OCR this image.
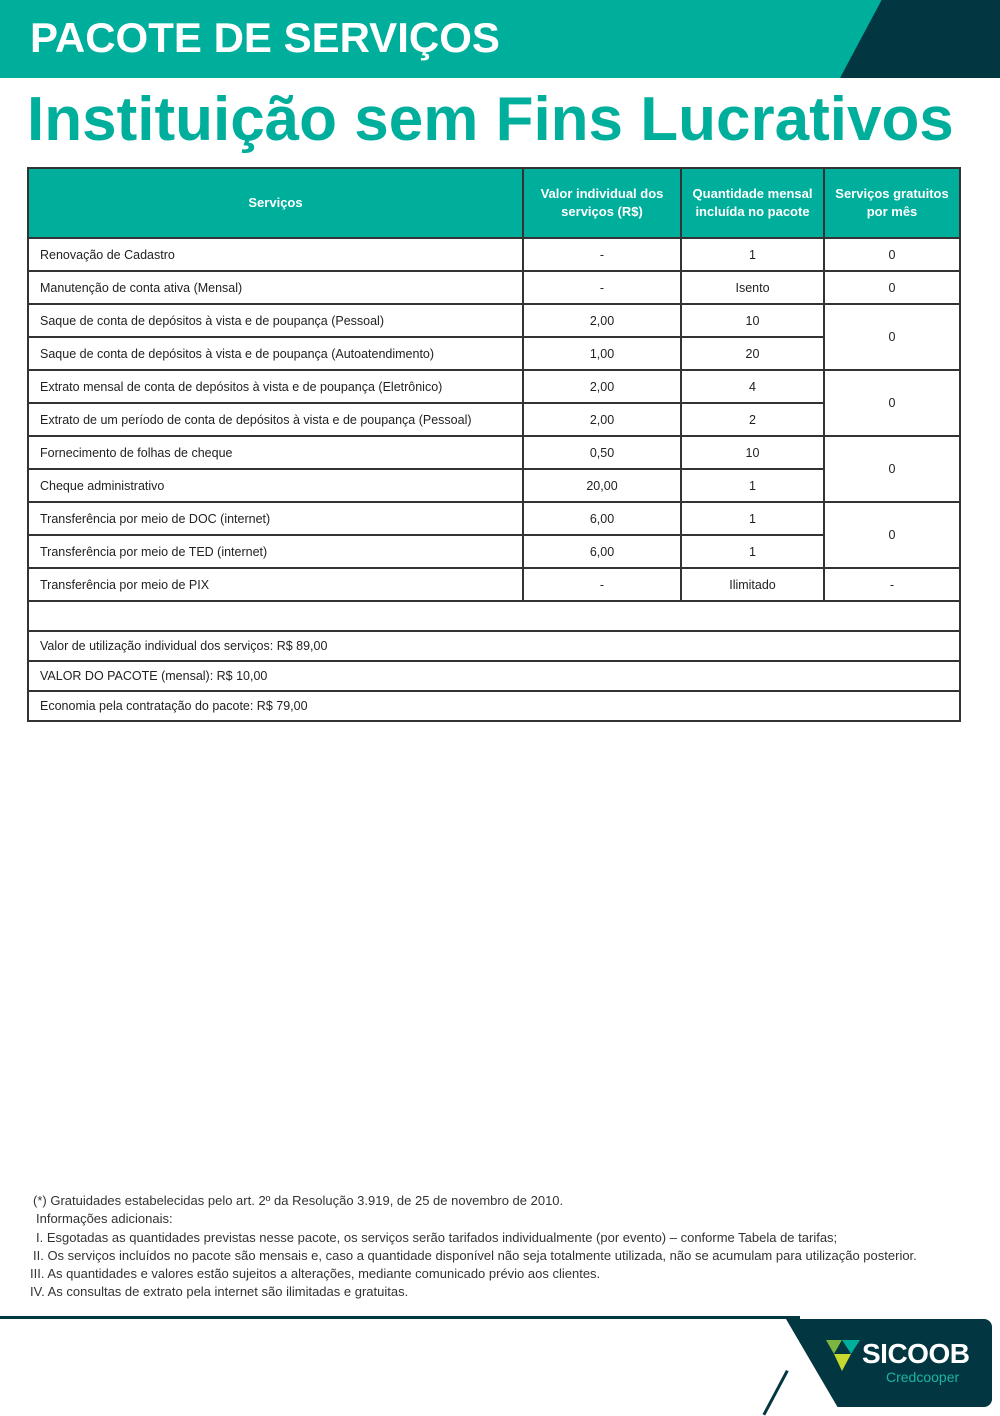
PACOTE DE SERVIÇOS
Instituição sem Fins Lucrativos
Serviços	Valor individual dos serviços (R$)	Quantidade mensal incluída no pacote	Serviços gratuitos por mês
Renovação de Cadastro	-	1	0
Manutenção de conta ativa (Mensal)	-	Isento	0
Saque de conta de depósitos à vista e de poupança (Pessoal)	2,00	10	0
Saque de conta de depósitos à vista e de poupança (Autoatendimento)	1,00	20	
Extrato mensal de conta de depósitos à vista e de poupança (Eletrônico)	2,00	4	0
Extrato de um período de conta de depósitos à vista e de poupança (Pessoal)	2,00	2	
Fornecimento de folhas de cheque	0,50	10	0
Cheque administrativo	20,00	1	
Transferência por meio de DOC (internet)	6,00	1	0
Transferência por meio de TED (internet)	6,00	1	
Transferência por meio de PIX	-	Ilimitado	-

Valor de utilização individual dos serviços: R$ 89,00			
VALOR DO PACOTE (mensal): R$ 10,00			
Economia pela contratação do pacote: R$ 79,00			
(*) Gratuidades estabelecidas pelo art. 2º da Resolução 3.919, de 25 de novembro de 2010.
Informações adicionais:
I. Esgotadas as quantidades previstas nesse pacote, os serviços serão tarifados individualmente (por evento) – conforme Tabela de tarifas;
II. Os serviços incluídos no pacote são mensais e, caso a quantidade disponível não seja totalmente utilizada, não se acumulam para utilização posterior.
III. As quantidades e valores estão sujeitos a alterações, mediante comunicado prévio aos clientes.
IV. As consultas de extrato pela internet são ilimitadas e gratuitas.
SICOOB
Credcooper
